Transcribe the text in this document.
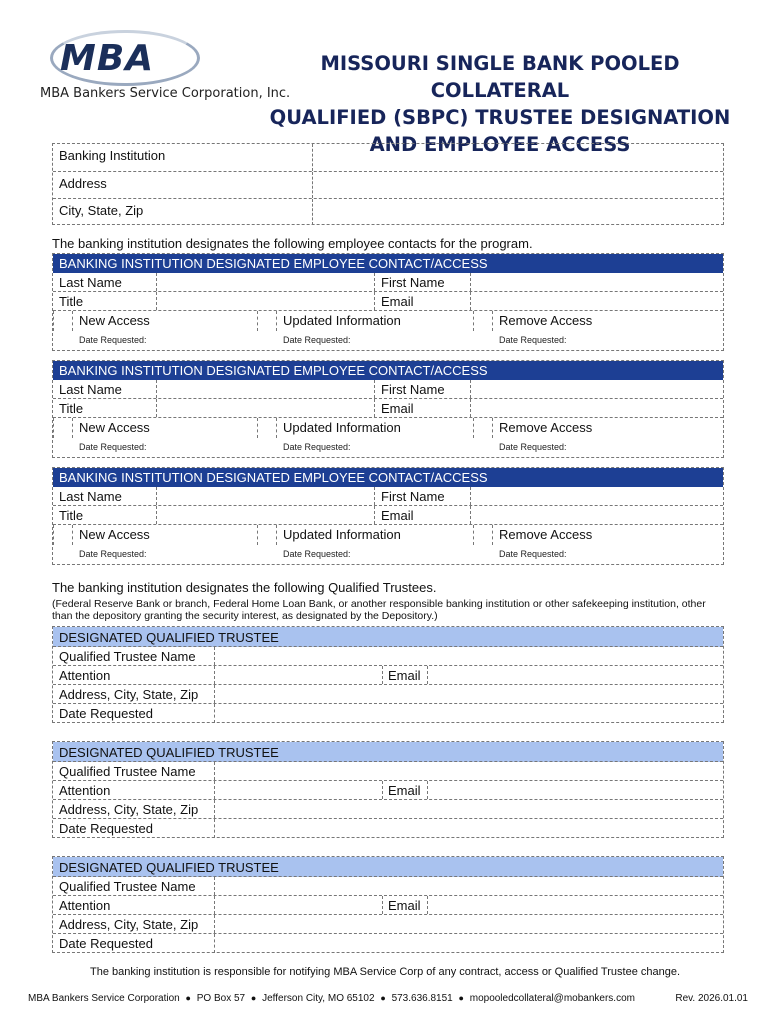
MBA
MBA Bankers Service Corporation, Inc.
MISSOURI SINGLE BANK POOLED COLLATERAL
QUALIFIED (SBPC) TRUSTEE DESIGNATION
AND EMPLOYEE ACCESS
Banking Institution
Address
City, State, Zip
The banking institution designates the following employee contacts for the program.
BANKING INSTITUTION DESIGNATED EMPLOYEE CONTACT/ACCESS
Last Name	First Name
Title	Email
New Access	Updated Information	Remove Access
Date Requested:	Date Requested:	Date Requested:
BANKING INSTITUTION DESIGNATED EMPLOYEE CONTACT/ACCESS
Last Name	First Name
Title	Email
New Access	Updated Information	Remove Access
Date Requested:	Date Requested:	Date Requested:
BANKING INSTITUTION DESIGNATED EMPLOYEE CONTACT/ACCESS
Last Name	First Name
Title	Email
New Access	Updated Information	Remove Access
Date Requested:	Date Requested:	Date Requested:
The banking institution designates the following Qualified Trustees.
(Federal Reserve Bank or branch, Federal Home Loan Bank, or another responsible banking institution or other safekeeping institution, other than the depository granting the security interest, as designated by the Depository.)
DESIGNATED QUALIFIED TRUSTEE
Qualified Trustee Name
Attention	Email
Address, City, State, Zip
Date Requested
DESIGNATED QUALIFIED TRUSTEE
Qualified Trustee Name
Attention	Email
Address, City, State, Zip
Date Requested
DESIGNATED QUALIFIED TRUSTEE
Qualified Trustee Name
Attention	Email
Address, City, State, Zip
Date Requested
The banking institution is responsible for notifying MBA Service Corp of any contract, access or Qualified Trustee change.
MBA Bankers Service Corporation ● PO Box 57 ● Jefferson City, MO 65102 ● 573.636.8151 ● mopooledcollateral@mobankers.com	Rev. 2026.01.01
